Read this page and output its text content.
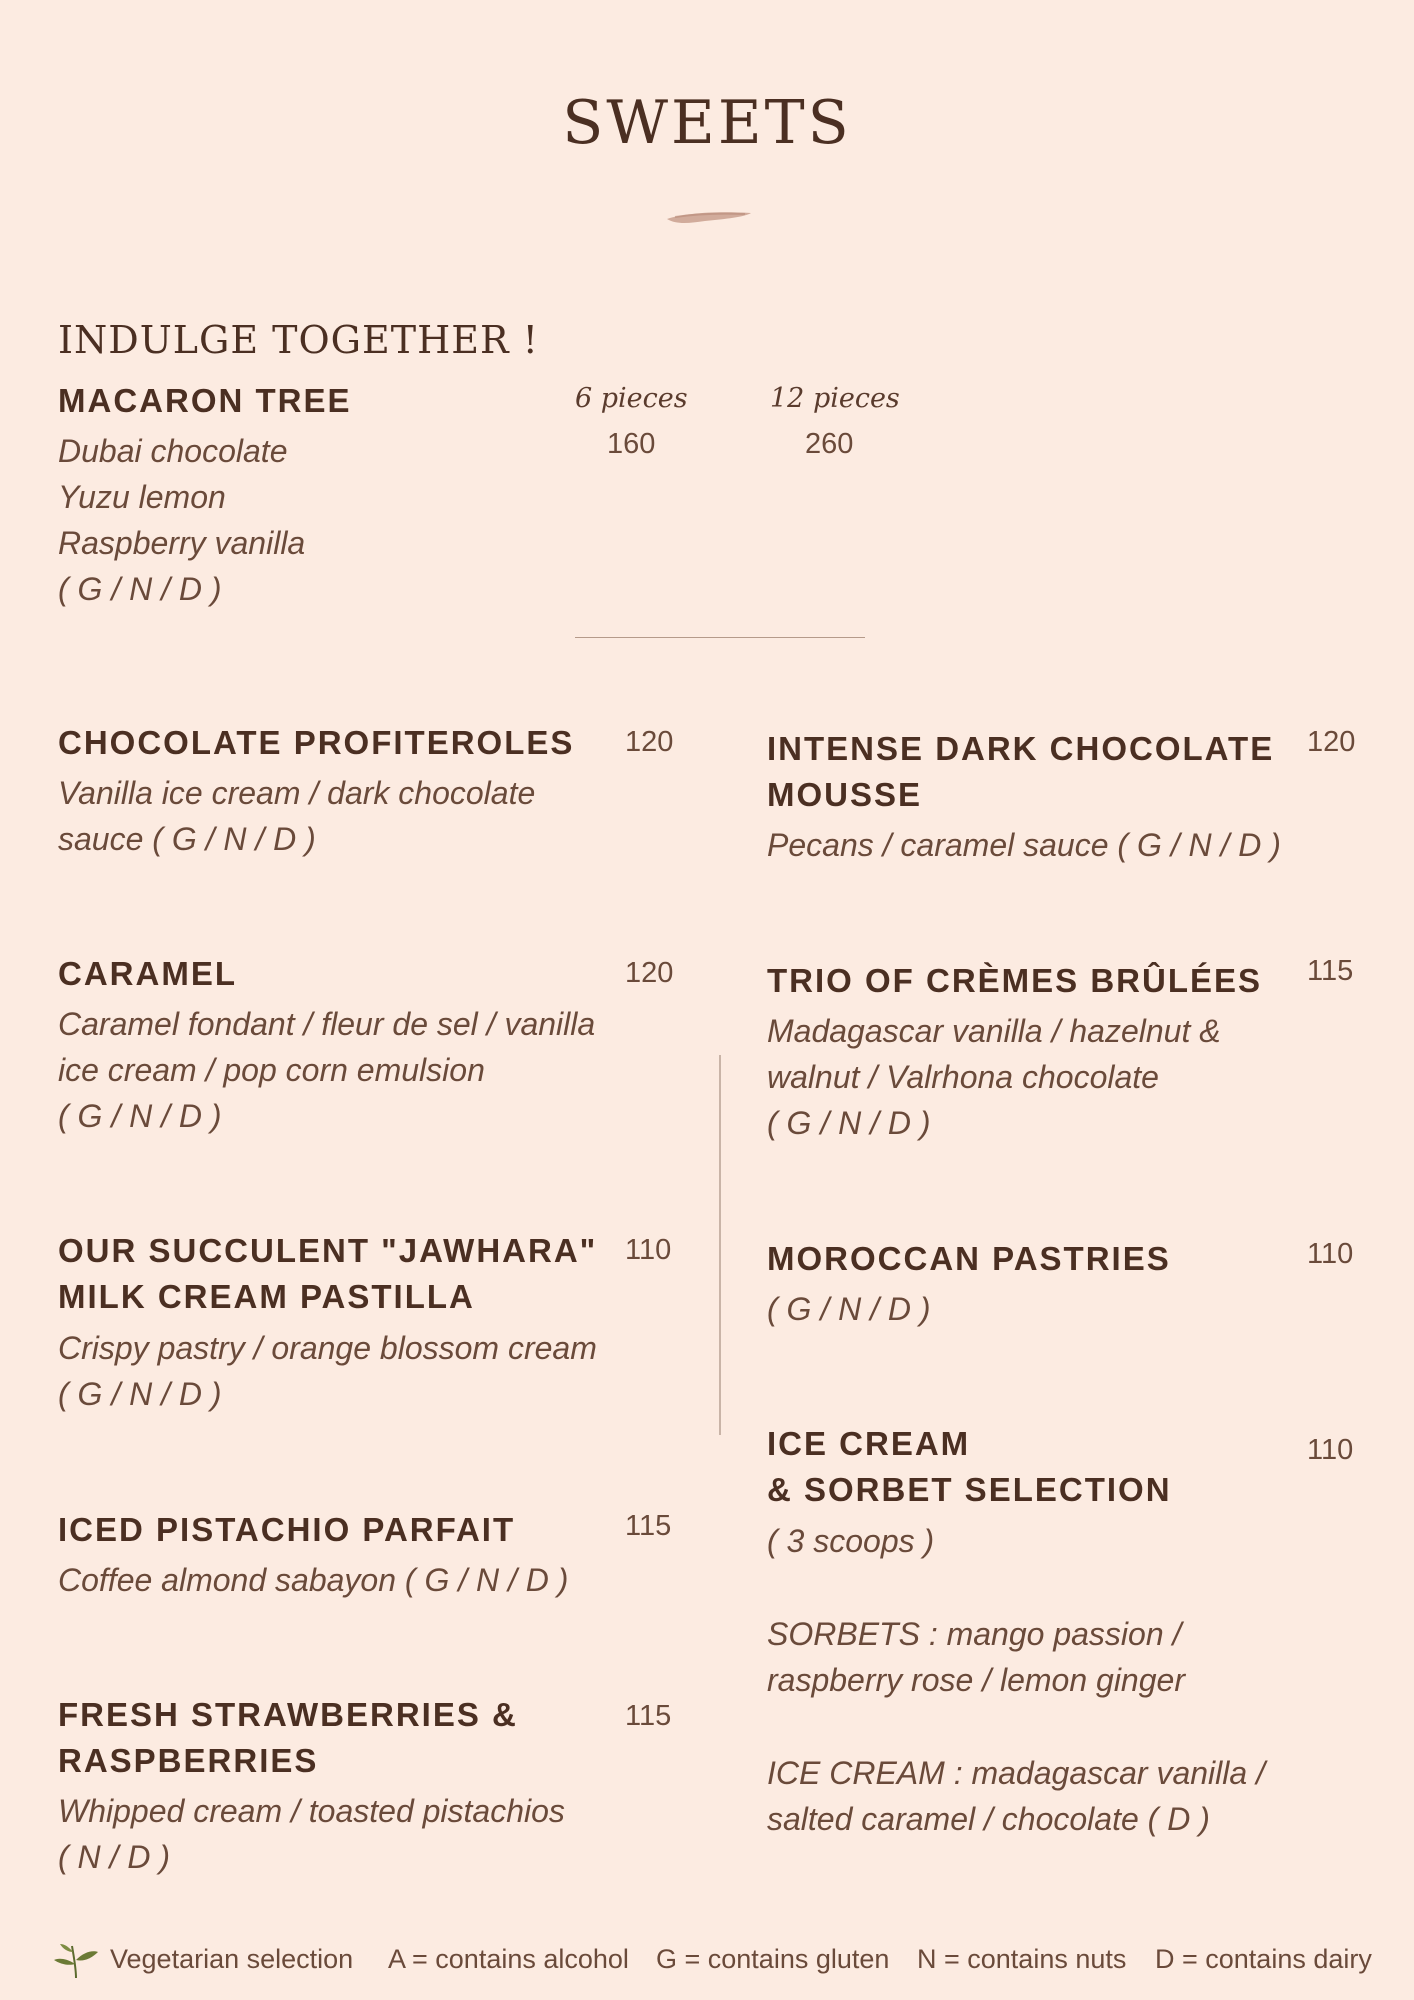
SWEETS
INDULGE TOGETHER !
MACARON TREE
Dubai chocolate
Yuzu lemon
Raspberry vanilla
( G / N / D )
6 pieces
160
12 pieces
260
CHOCOLATE PROFITEROLES 120
Vanilla ice cream / dark chocolate
sauce ( G / N / D )
CARAMEL	120
Caramel fondant / fleur de sel / vanilla
ice cream / pop corn emulsion
( G / N / D )
OUR SUCCULENT "JAWHARA"
MILK CREAM PASTILLA
110
Crispy pastry / orange blossom cream
( G / N / D )
ICED PISTACHIO PARFAIT	115
Coffee almond sabayon ( G / N / D )
FRESH STRAWBERRIES &
RASPBERRIES
115
Whipped cream / toasted pistachios
( N / D )
INTENSE DARK CHOCOLATE
MOUSSE
120
Pecans / caramel sauce ( G / N / D )
TRIO OF CRÈMES BRÛLÉES 115
Madagascar vanilla / hazelnut &
walnut / Valrhona chocolate
( G / N / D )
MOROCCAN PASTRIES	110
( G / N / D )
ICE CREAM
& SORBET SELECTION
110
( 3 scoops )
SORBETS : mango passion /
raspberry rose / lemon ginger
ICE CREAM : madagascar vanilla /
salted caramel / chocolate ( D )
Vegetarian selection A = contains alcohol G = contains gluten N = contains nuts D = contains dairy
